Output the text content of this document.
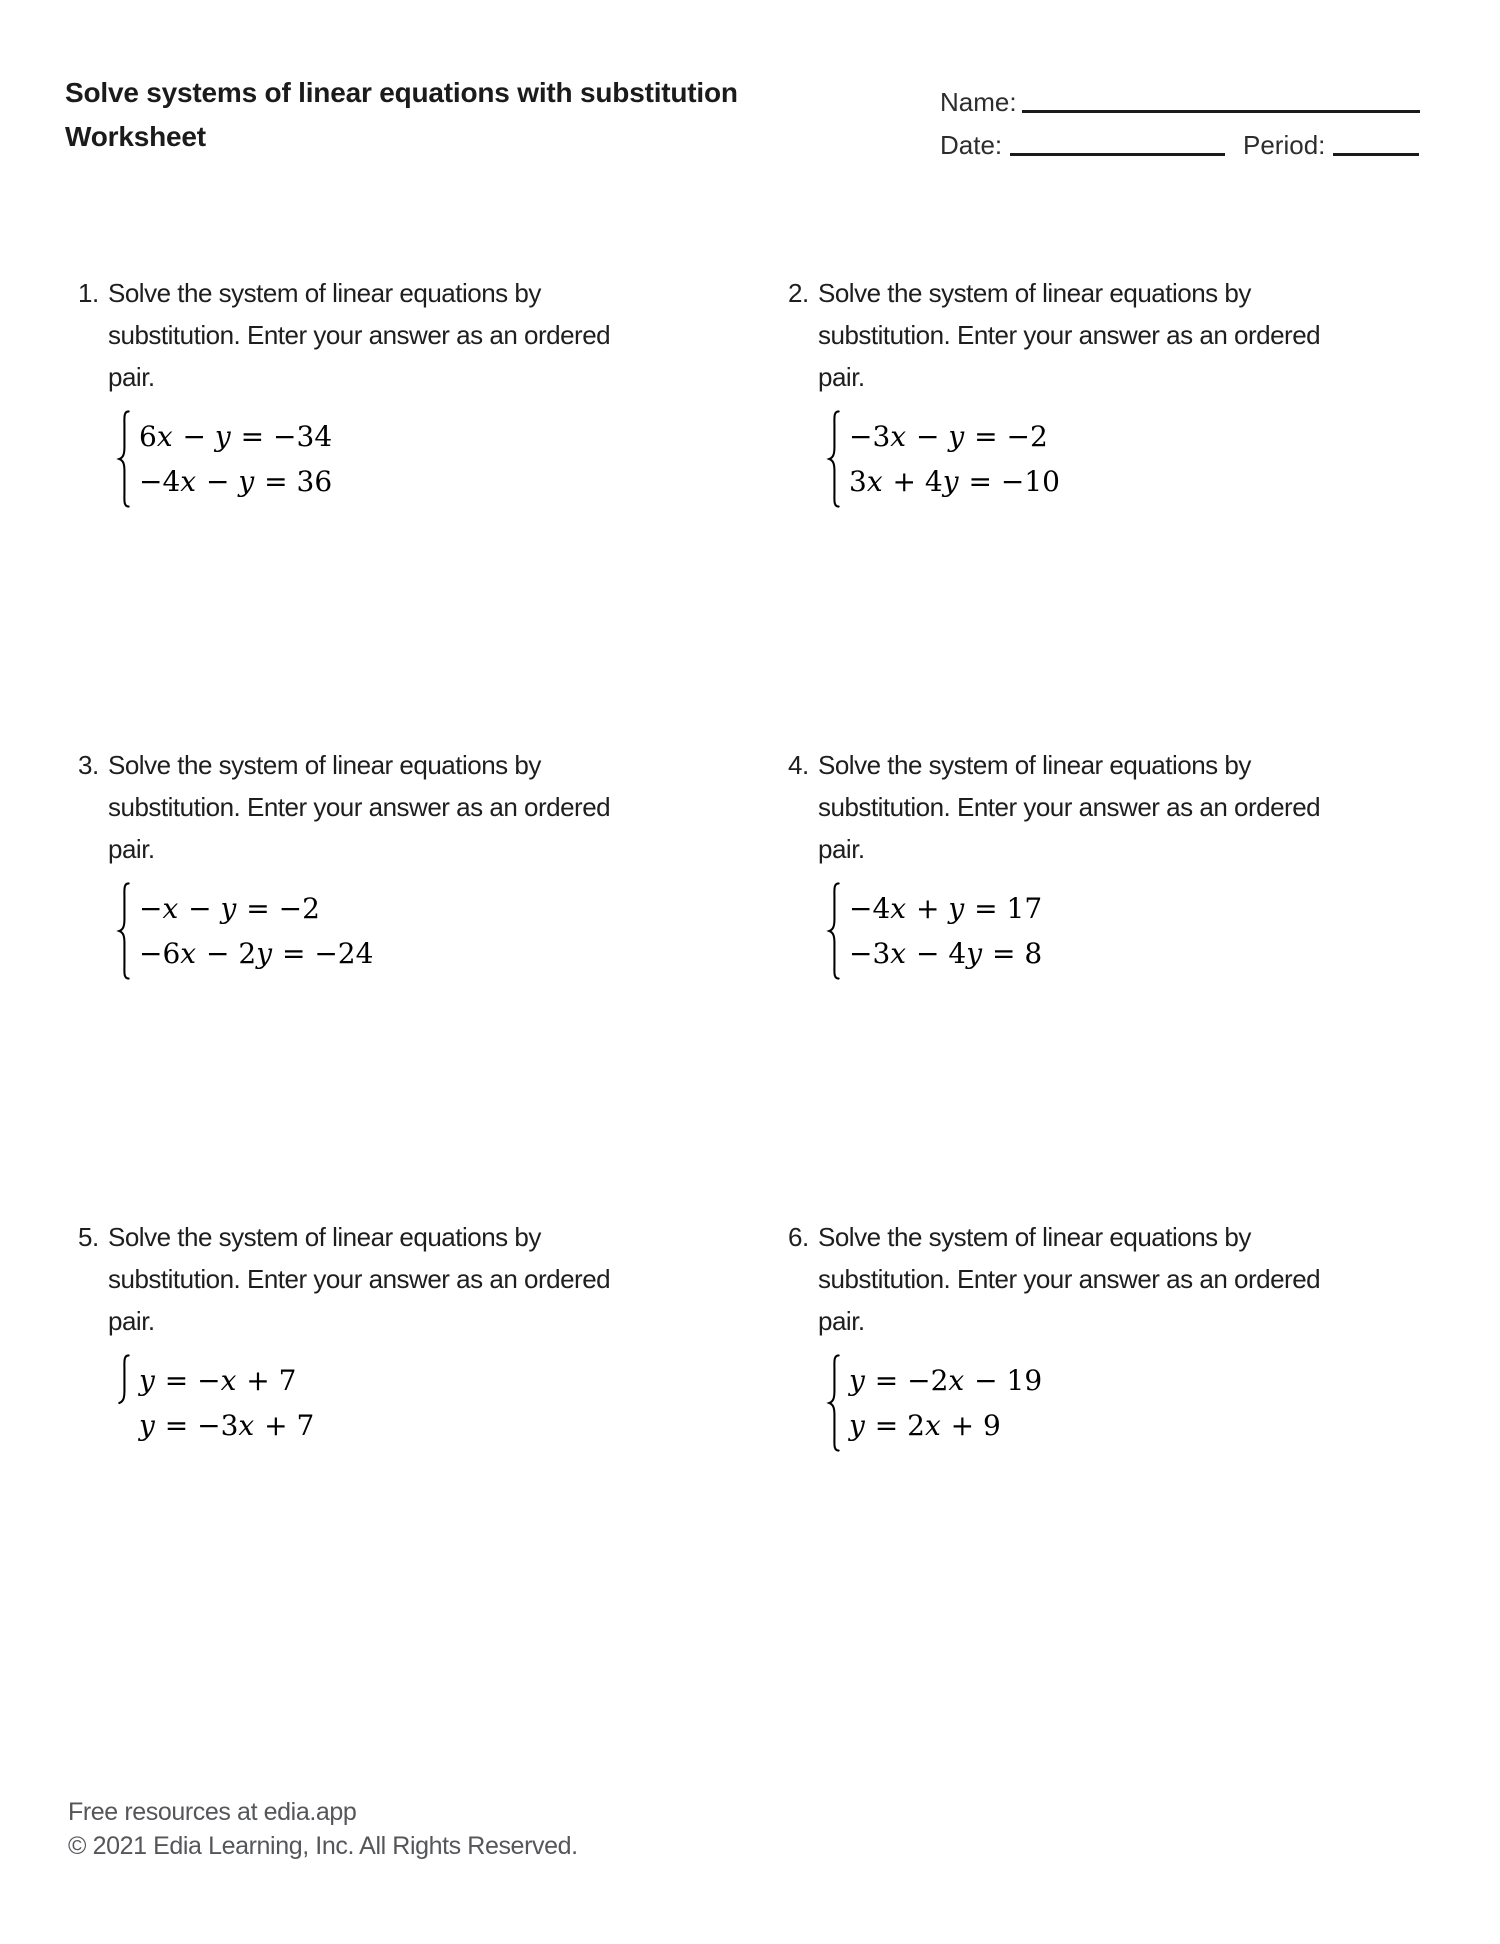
Solve systems of linear equations with substitution
Worksheet
Name:
Date:	Period:
1. Solve the system of linear equations by
substitution. Enter your answer as an ordered
pair.
6x − y = −34
−4x − y = 36
2. Solve the system of linear equations by
substitution. Enter your answer as an ordered
pair.
−3x − y = −2
3x + 4y = −10
3. Solve the system of linear equations by
substitution. Enter your answer as an ordered
pair.
−x − y = −2
−6x − 2y = −24
4. Solve the system of linear equations by
substitution. Enter your answer as an ordered
pair.
−4x + y = 17
−3x − 4y = 8
5. Solve the system of linear equations by
substitution. Enter your answer as an ordered
pair.
y = −x + 7
y = −3x + 7
6. Solve the system of linear equations by
substitution. Enter your answer as an ordered
pair.
y = −2x − 19
y = 2x + 9
Free resources at edia.app
© 2021 Edia Learning, Inc. All Rights Reserved.
